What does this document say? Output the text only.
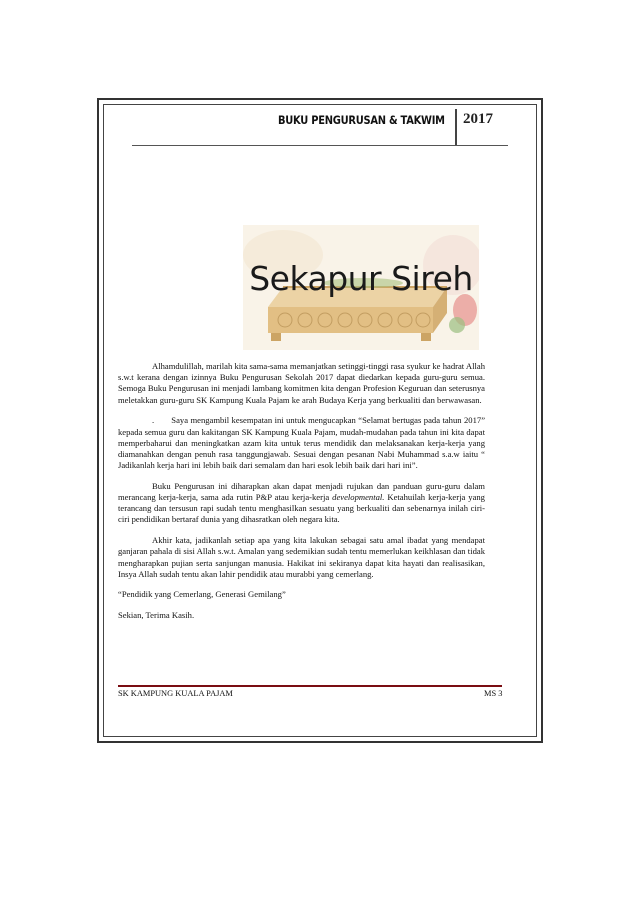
BUKU PENGURUSAN & TAKWIM 2017
Sekapur Sireh

Alhamdulillah, marilah kita sama-sama memanjatkan setinggi-tinggi rasa syukur ke hadrat Allah s.w.t kerana dengan izinnya Buku Pengurusan Sekolah 2017 dapat diedarkan kepada guru-guru semua. Semoga Buku Pengurusan ini menjadi lambang komitmen kita dengan Profesion Keguruan dan seterusnya meletakkan guru-guru SK Kampung Kuala Pajam ke arah Budaya Kerja yang berkualiti dan berwawasan.

.       Saya mengambil kesempatan ini untuk mengucapkan “Selamat bertugas pada tahun 2017” kepada semua guru dan kakitangan SK Kampung Kuala Pajam, mudah-mudahan pada tahun ini kita dapat memperbaharui dan meningkatkan azam kita untuk terus mendidik dan melaksanakan kerja-kerja yang diamanahkan dengan penuh rasa tanggungjawab. Sesuai dengan pesanan Nabi Muhammad s.a.w iaitu “ Jadikanlah kerja hari ini lebih baik dari semalam dan hari esok lebih baik dari hari ini”.

Buku Pengurusan ini diharapkan akan dapat menjadi rujukan dan panduan guru-guru dalam merancang kerja-kerja, sama ada rutin P&P atau kerja-kerja developmental. Ketahuilah kerja-kerja yang terancang dan tersusun rapi sudah tentu menghasilkan sesuatu yang berkualiti dan sebenarnya inilah ciri-ciri pendidikan bertaraf dunia yang dihasratkan oleh negara kita.

Akhir kata, jadikanlah setiap apa yang kita lakukan sebagai satu amal ibadat yang mendapat ganjaran pahala di sisi Allah s.w.t. Amalan yang sedemikian sudah tentu memerlukan keikhlasan dan tidak mengharapkan pujian serta sanjungan manusia. Hakikat ini sekiranya dapat kita hayati dan realisasikan, Insya Allah sudah tentu akan lahir pendidik atau murabbi yang cemerlang.

“Pendidik yang Cemerlang, Generasi Gemilang”

Sekian, Terima Kasih.

SK KAMPUNG KUALA PAJAM	MS 3
